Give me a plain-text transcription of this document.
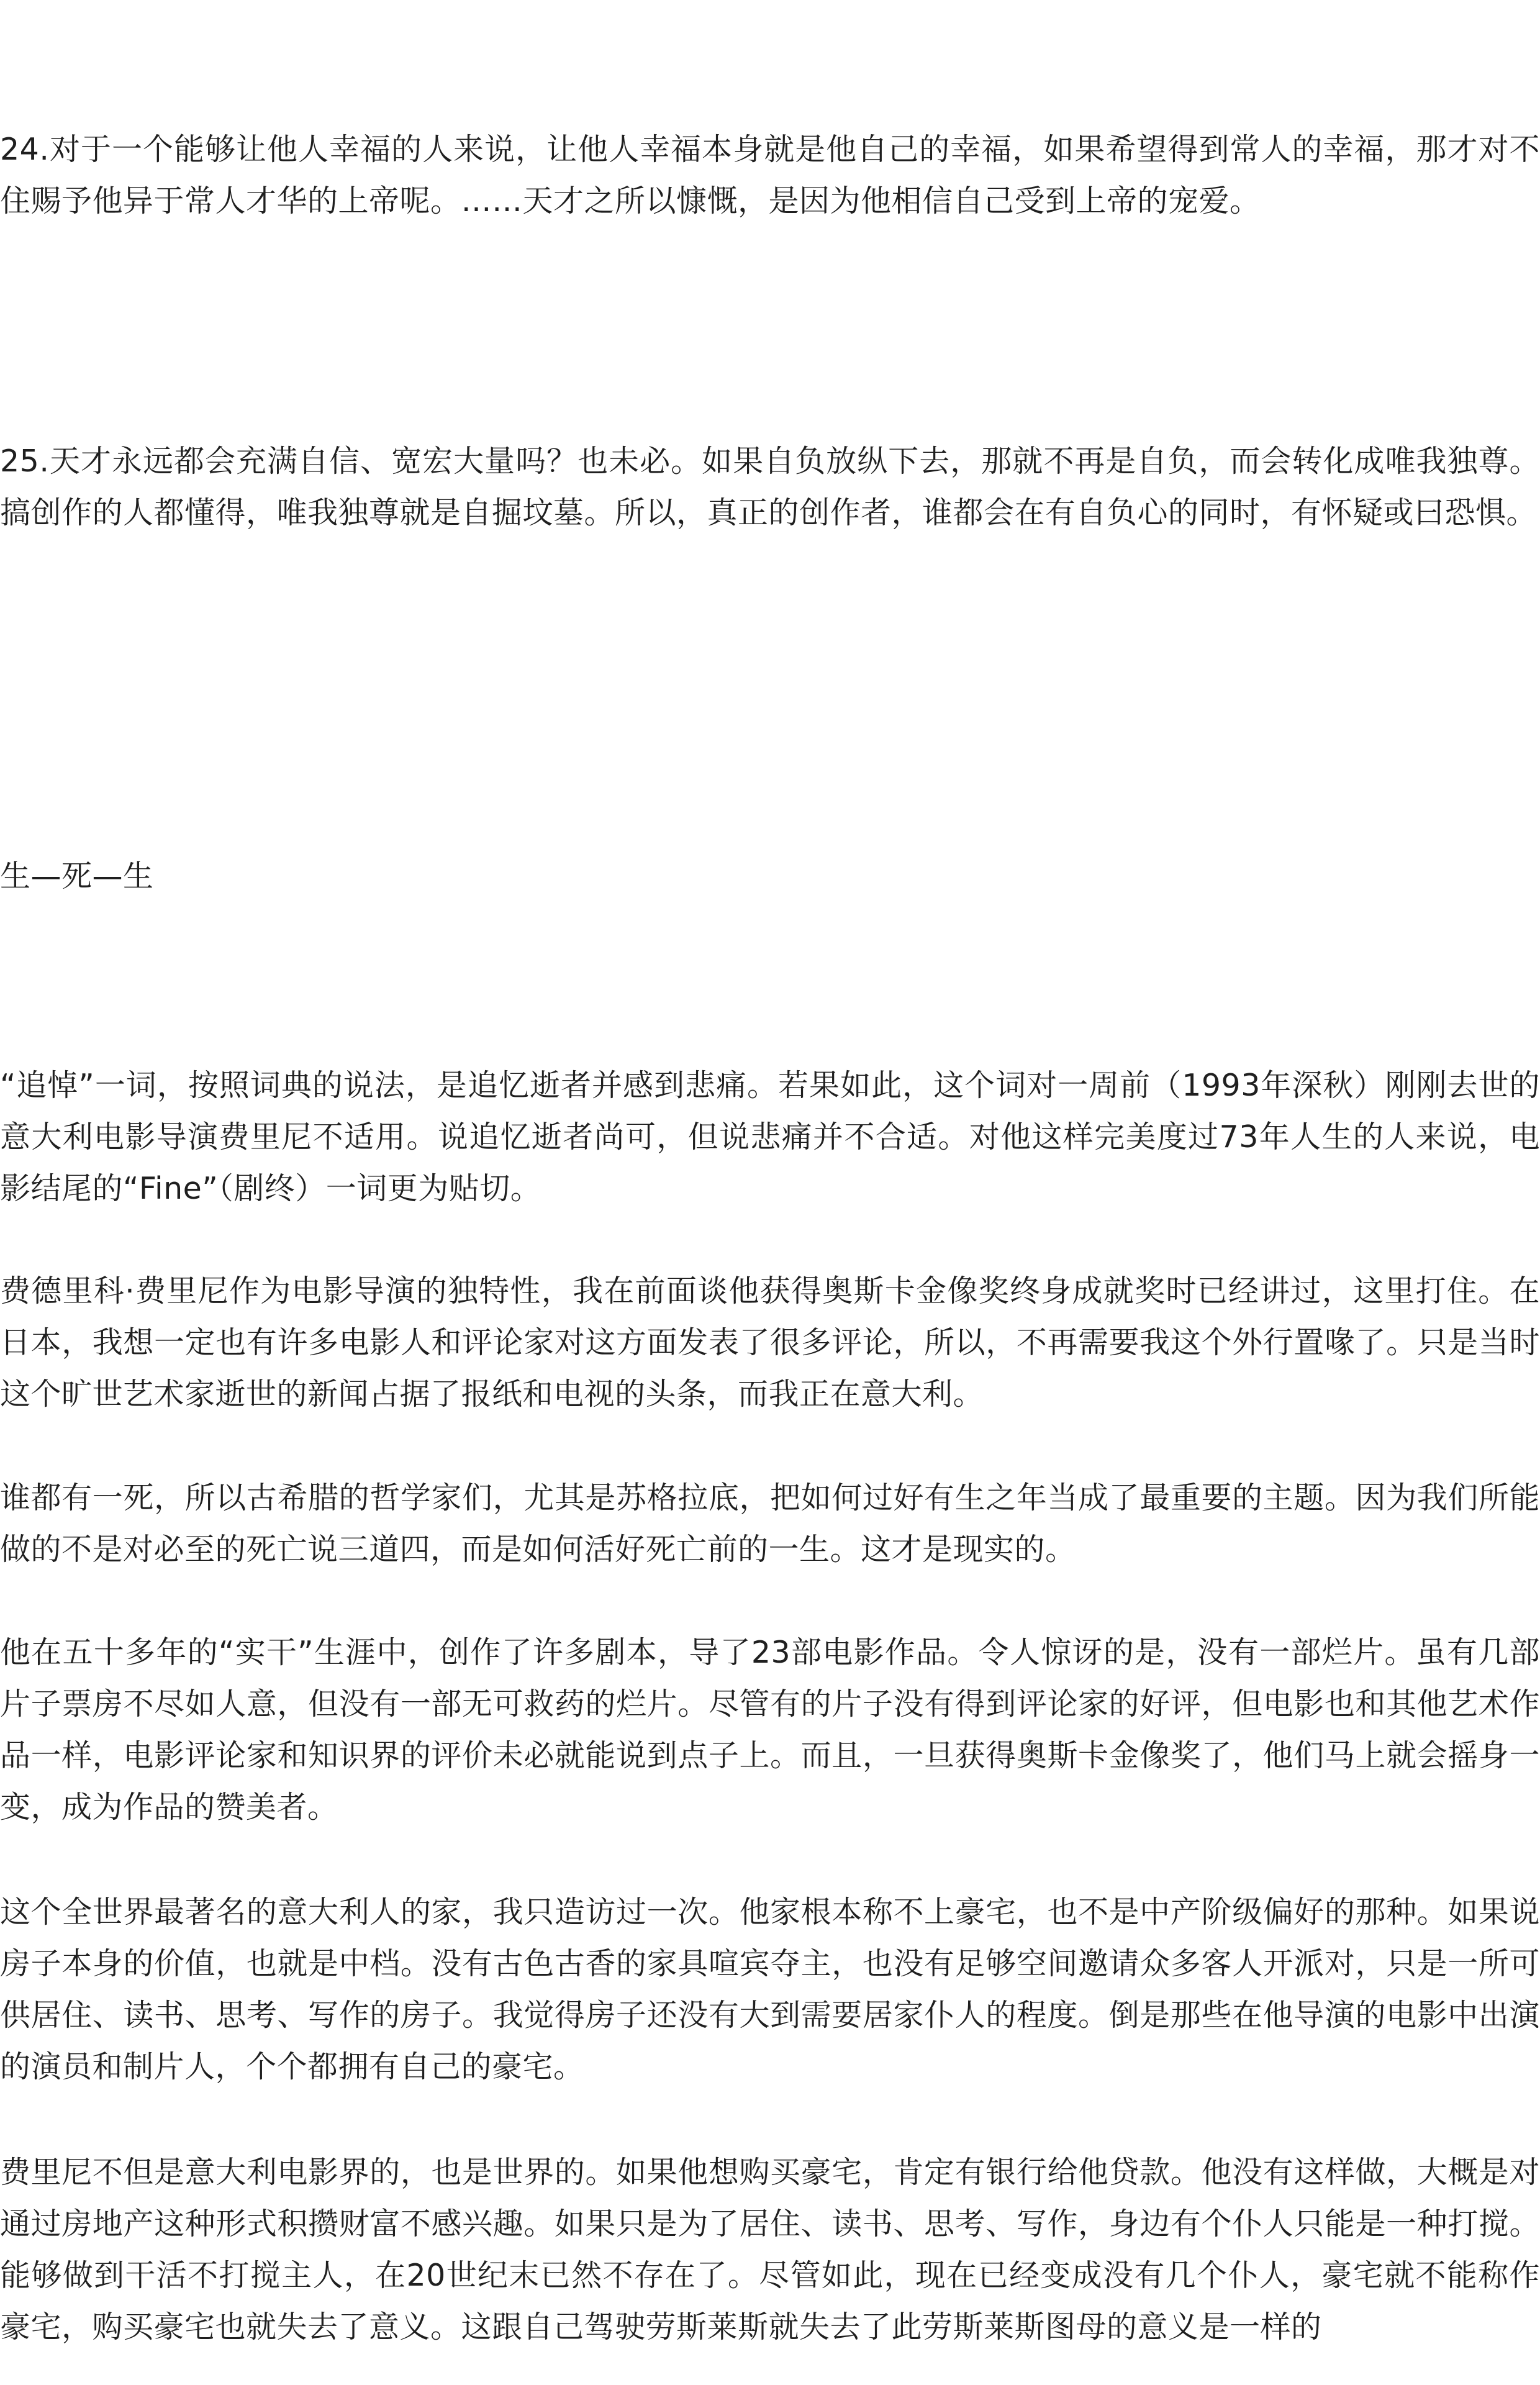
24.对于一个能够让他人幸福的人来说，让他人幸福本身就是他自己的幸福，如果希望得到常人的幸福，那才对不住赐予他异于常人才华的上帝呢。……天才之所以慷慨，是因为他相信自己受到上帝的宠爱。

25.天才永远都会充满自信、宽宏大量吗？也未必。如果自负放纵下去，那就不再是自负，而会转化成唯我独尊。搞创作的人都懂得，唯我独尊就是自掘坟墓。所以，真正的创作者，谁都会在有自负心的同时，有怀疑或曰恐惧。

生—死—生

“追悼”一词，按照词典的说法，是追忆逝者并感到悲痛。若果如此，这个词对一周前（1993年深秋）刚刚去世的意大利电影导演费里尼不适用。说追忆逝者尚可，但说悲痛并不合适。对他这样完美度过73年人生的人来说，电影结尾的“Fine”（剧终）一词更为贴切。

费德里科·费里尼作为电影导演的独特性，我在前面谈他获得奥斯卡金像奖终身成就奖时已经讲过，这里打住。在日本，我想一定也有许多电影人和评论家对这方面发表了很多评论，所以，不再需要我这个外行置喙了。只是当时这个旷世艺术家逝世的新闻占据了报纸和电视的头条，而我正在意大利。

谁都有一死，所以古希腊的哲学家们，尤其是苏格拉底，把如何过好有生之年当成了最重要的主题。因为我们所能做的不是对必至的死亡说三道四，而是如何活好死亡前的一生。这才是现实的。

他在五十多年的“实干”生涯中，创作了许多剧本，导了23部电影作品。令人惊讶的是，没有一部烂片。虽有几部片子票房不尽如人意，但没有一部无可救药的烂片。尽管有的片子没有得到评论家的好评，但电影也和其他艺术作品一样，电影评论家和知识界的评价未必就能说到点子上。而且，一旦获得奥斯卡金像奖了，他们马上就会摇身一变，成为作品的赞美者。

这个全世界最著名的意大利人的家，我只造访过一次。他家根本称不上豪宅，也不是中产阶级偏好的那种。如果说房子本身的价值，也就是中档。没有古色古香的家具喧宾夺主，也没有足够空间邀请众多客人开派对，只是一所可供居住、读书、思考、写作的房子。我觉得房子还没有大到需要居家仆人的程度。倒是那些在他导演的电影中出演的演员和制片人，个个都拥有自己的豪宅。

费里尼不但是意大利电影界的，也是世界的。如果他想购买豪宅，肯定有银行给他贷款。他没有这样做，大概是对通过房地产这种形式积攒财富不感兴趣。如果只是为了居住、读书、思考、写作，身边有个仆人只能是一种打搅。能够做到干活不打搅主人，在20世纪末已然不存在了。尽管如此，现在已经变成没有几个仆人，豪宅就不能称作豪宅，购买豪宅也就失去了意义。这跟自己驾驶劳斯莱斯就失去了此劳斯莱斯图母的意义是一样的
